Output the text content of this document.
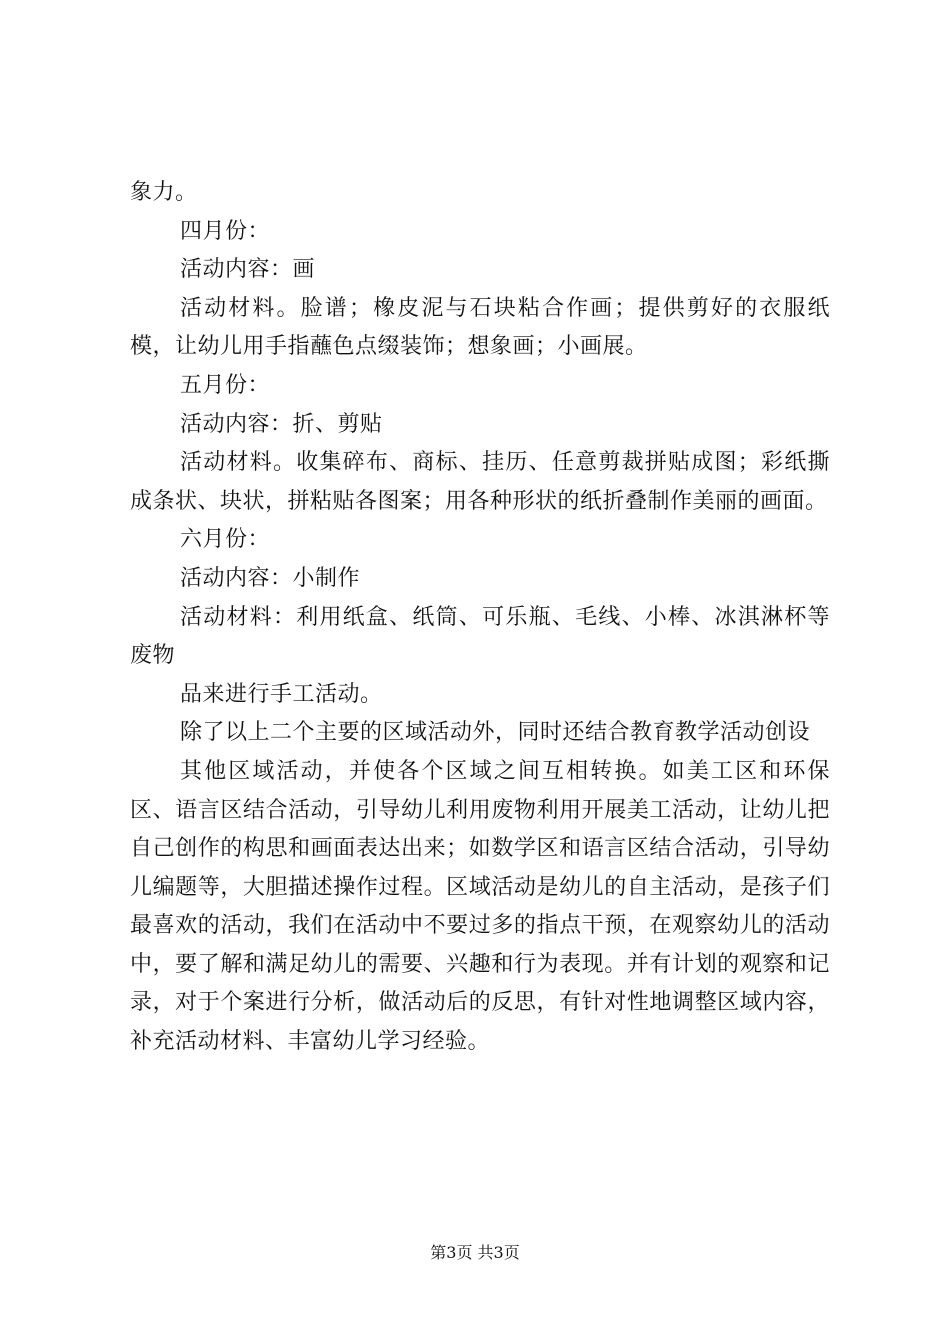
象力。

四月份：

活动内容：画

活动材料。脸谱；橡皮泥与石块粘合作画；提供剪好的衣服纸模，让幼儿用手指蘸色点缀装饰；想象画；小画展。

五月份：

活动内容：折、剪贴

活动材料。收集碎布、商标、挂历、任意剪裁拼贴成图；彩纸撕成条状、块状，拼粘贴各图案；用各种形状的纸折叠制作美丽的画面。

六月份：

活动内容：小制作

活动材料：利用纸盒、纸筒、可乐瓶、毛线、小棒、冰淇淋杯等废物

品来进行手工活动。

除了以上二个主要的区域活动外，同时还结合教育教学活动创设

其他区域活动，并使各个区域之间互相转换。如美工区和环保区、语言区结合活动，引导幼儿利用废物利用开展美工活动，让幼儿把自己创作的构思和画面表达出来；如数学区和语言区结合活动，引导幼儿编题等，大胆描述操作过程。区域活动是幼儿的自主活动，是孩子们最喜欢的活动，我们在活动中不要过多的指点干预，在观察幼儿的活动中，要了解和满足幼儿的需要、兴趣和行为表现。并有计划的观察和记录，对于个案进行分析，做活动后的反思，有针对性地调整区域内容，补充活动材料、丰富幼儿学习经验。

第3页 共3页
